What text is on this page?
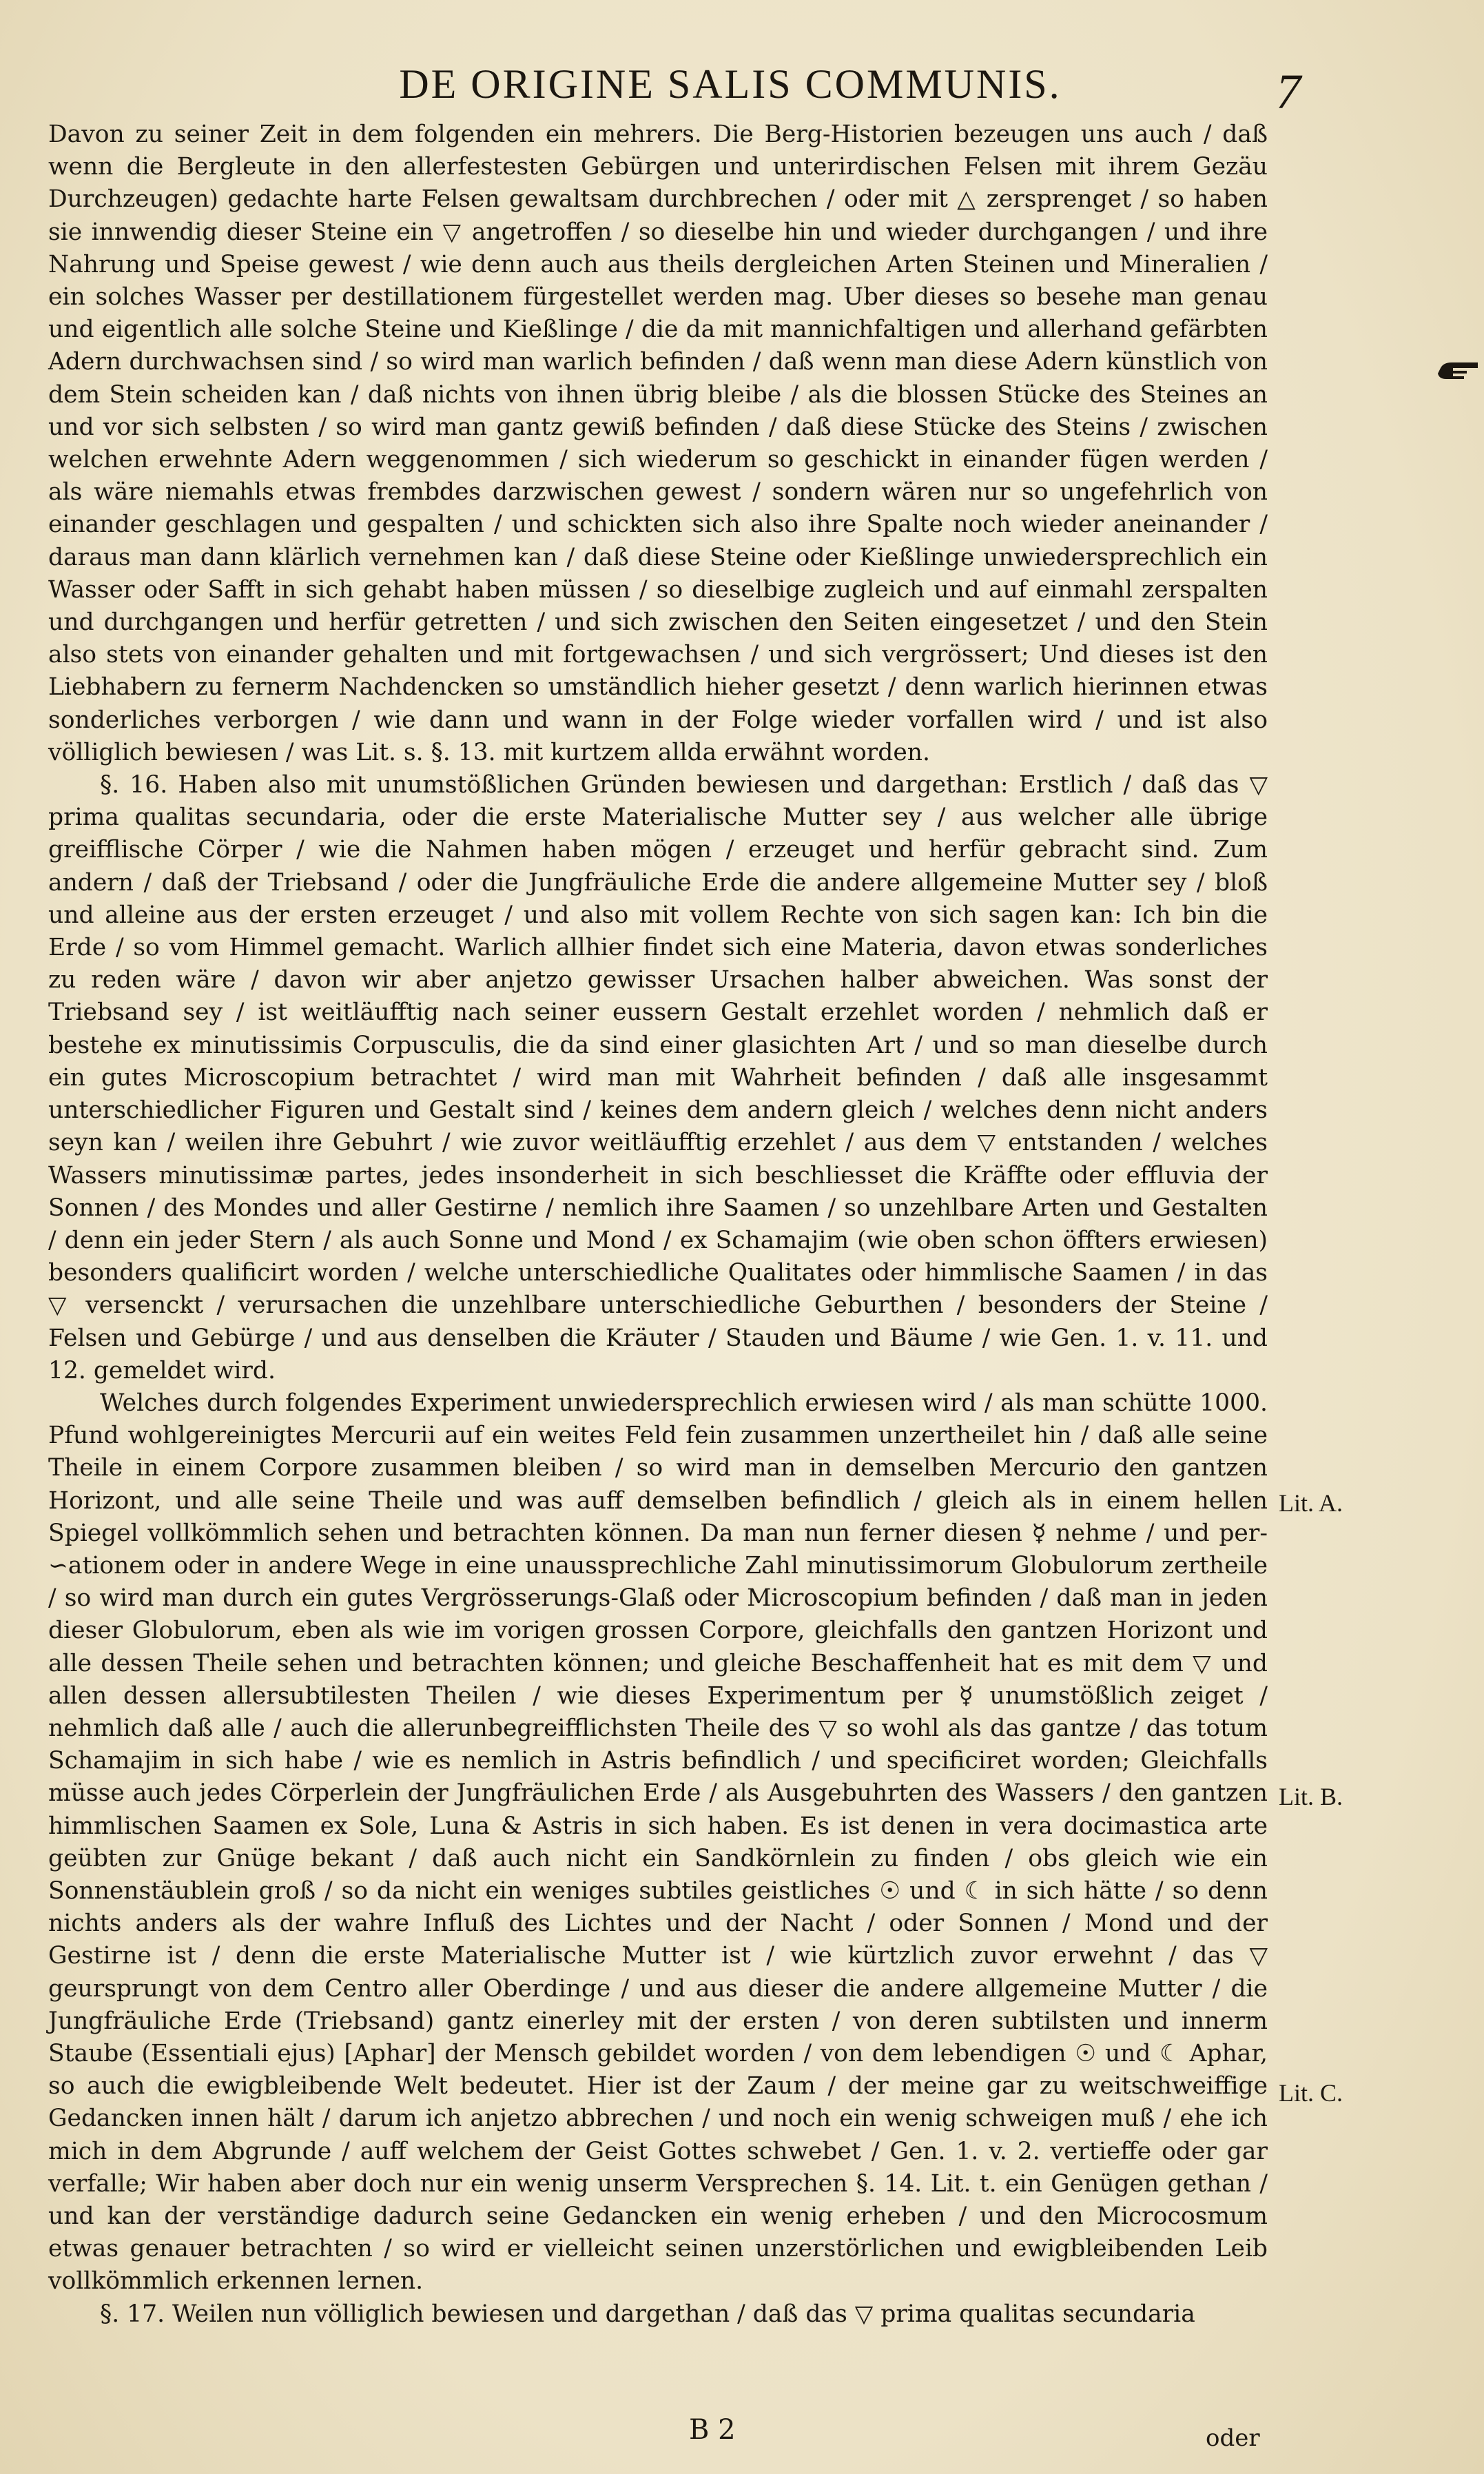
DE ORIGINE SALIS COMMUNIS.	7

Davon zu seiner Zeit in dem folgenden ein mehrers. Die Berg-Historien bezeugen uns auch / daß wenn die Bergleute in den allerfestesten Gebürgen und unterirdischen Felsen mit ihrem Gezäu Durchzeugen) gedachte harte Felsen gewaltsam durchbrechen / oder mit △ zersprenget / so haben sie innwendig dieser Steine ein ▽ angetroffen / so dieselbe hin und wieder durchgangen / und ihre Nahrung und Speise gewest / wie denn auch aus theils dergleichen Arten Steinen und Mineralien / ein solches Wasser per destillationem fürgestellet werden mag. Uber dieses so besehe man genau und eigentlich alle solche Steine und Kießlinge / die da mit mannichfaltigen und allerhand gefärbten Adern durchwachsen sind / so wird man warlich befinden / daß wenn man diese Adern künstlich von dem Stein scheiden kan / daß nichts von ihnen übrig bleibe / als die blossen Stücke des Steines an und vor sich selbsten / so wird man gantz gewiß befinden / daß diese Stücke des Steins / zwischen welchen erwehnte Adern weggenommen / sich wiederum so geschickt in einander fügen werden / als wäre niemahls etwas frembdes darzwischen gewest / sondern wären nur so ungefehrlich von einander geschlagen und gespalten / und schickten sich also ihre Spalte noch wieder aneinander / daraus man dann klärlich vernehmen kan / daß diese Steine oder Kießlinge unwiedersprechlich ein Wasser oder Safft in sich gehabt haben müssen / so dieselbige zugleich und auf einmahl zerspalten und durchgangen und herfür getretten / und sich zwischen den Seiten eingesetzet / und den Stein also stets von einander gehalten und mit fortgewachsen / und sich vergrössert; Und dieses ist den Liebhabern zu fernerm Nachdencken so umständlich hieher gesetzt / denn warlich hierinnen etwas sonderliches verborgen / wie dann und wann in der Folge wieder vorfallen wird / und ist also völliglich bewiesen / was Lit. s. §. 13. mit kurtzem allda erwähnt worden.

§. 16. Haben also mit unumstößlichen Gründen bewiesen und dargethan: Erstlich / daß das ▽ prima qualitas secundaria, oder die erste Materialische Mutter sey / aus welcher alle übrige greifflische Cörper / wie die Nahmen haben mögen / erzeuget und herfür gebracht sind. Zum andern / daß der Triebsand / oder die Jungfräuliche Erde die andere allgemeine Mutter sey / bloß und alleine aus der ersten erzeuget / und also mit vollem Rechte von sich sagen kan: Ich bin die Erde / so vom Himmel gemacht. Warlich allhier findet sich eine Materia, davon etwas sonderliches zu reden wäre / davon wir aber anjetzo gewisser Ursachen halber abweichen. Was sonst der Triebsand sey / ist weitläufftig nach seiner eussern Gestalt erzehlet worden / nehmlich daß er bestehe ex minutissimis Corpusculis, die da sind einer glasichten Art / und so man dieselbe durch ein gutes Microscopium betrachtet / wird man mit Wahrheit befinden / daß alle insgesammt unterschiedlicher Figuren und Gestalt sind / keines dem andern gleich / welches denn nicht anders seyn kan / weilen ihre Gebuhrt / wie zuvor weitläufftig erzehlet / aus dem ▽ entstanden / welches Wassers minutissimæ partes, jedes insonderheit in sich beschliesset die Kräffte oder effluvia der Sonnen / des Mondes und aller Gestirne / nemlich ihre Saamen / so unzehlbare Arten und Gestalten / denn ein jeder Stern / als auch Sonne und Mond / ex Schamajim (wie oben schon öffters erwiesen) besonders qualificirt worden / welche unterschiedliche Qualitates oder himmlische Saamen / in das ▽ versenckt / verursachen die unzehlbare unterschiedliche Geburthen / besonders der Steine / Felsen und Gebürge / und aus denselben die Kräuter / Stauden und Bäume / wie Gen. 1. v. 11. und 12. gemeldet wird.

Welches durch folgendes Experiment unwiedersprechlich erwiesen wird / als man schütte 1000. Pfund wohlgereinigtes Mercurii auf ein weites Feld fein zusammen unzertheilet hin / daß alle seine Theile in einem Corpore zusammen bleiben / so wird man in demselben Mercurio den gantzen Horizont, und alle seine Theile und was auff demselben befindlich / gleich als in einem hellen Spiegel vollkömmlich sehen und betrachten können. Da man nun ferner diesen ☿ nehme / und per-∽ationem oder in andere Wege in eine unaussprechliche Zahl minutissimorum Globulorum zertheile / so wird man durch ein gutes Vergrösserungs-Glaß oder Microscopium befinden / daß man in jeden dieser Globulorum, eben als wie im vorigen grossen Corpore, gleichfalls den gantzen Horizont und alle dessen Theile sehen und betrachten können; und gleiche Beschaffenheit hat es mit dem ▽ und allen dessen allersubtilesten Theilen / wie dieses Experimentum per ☿ unumstößlich zeiget / nehmlich daß alle / auch die allerunbegreifflichsten Theile des ▽ so wohl als das gantze / das totum Schamajim in sich habe / wie es nemlich in Astris befindlich / und specificiret worden; Gleichfalls müsse auch jedes Cörperlein der Jungfräulichen Erde / als Ausgebuhrten des Wassers / den gantzen himmlischen Saamen ex Sole, Luna & Astris in sich haben. Es ist denen in vera docimastica arte geübten zur Gnüge bekant / daß auch nicht ein Sandkörnlein zu finden / obs gleich wie ein Sonnenstäublein groß / so da nicht ein weniges subtiles geistliches ☉ und ☾ in sich hätte / so denn nichts anders als der wahre Influß des Lichtes und der Nacht / oder Sonnen / Mond und der Gestirne ist / denn die erste Materialische Mutter ist / wie kürtzlich zuvor erwehnt / das ▽ geursprungt von dem Centro aller Oberdinge / und aus dieser die andere allgemeine Mutter / die Jungfräuliche Erde (Triebsand) gantz einerley mit der ersten / von deren subtilsten und innerm Staube (Essentiali ejus) [Aphar] der Mensch gebildet worden / von dem lebendigen ☉ und ☾ Aphar, so auch die ewigbleibende Welt bedeutet. Hier ist der Zaum / der meine gar zu weitschweiffige Gedancken innen hält / darum ich anjetzo abbrechen / und noch ein wenig schweigen muß / ehe ich mich in dem Abgrunde / auff welchem der Geist Gottes schwebet / Gen. 1. v. 2. vertieffe oder gar verfalle; Wir haben aber doch nur ein wenig unserm Versprechen §. 14. Lit. t. ein Genügen gethan / und kan der verständige dadurch seine Gedancken ein wenig erheben / und den Microcosmum etwas genauer betrachten / so wird er vielleicht seinen unzerstörlichen und ewigbleibenden Leib vollkömmlich erkennen lernen.

§. 17. Weilen nun völliglich bewiesen und dargethan / daß das ▽ prima qualitas secundaria

Lit. A.
Lit. B.
Lit. C.
B 2	oder
